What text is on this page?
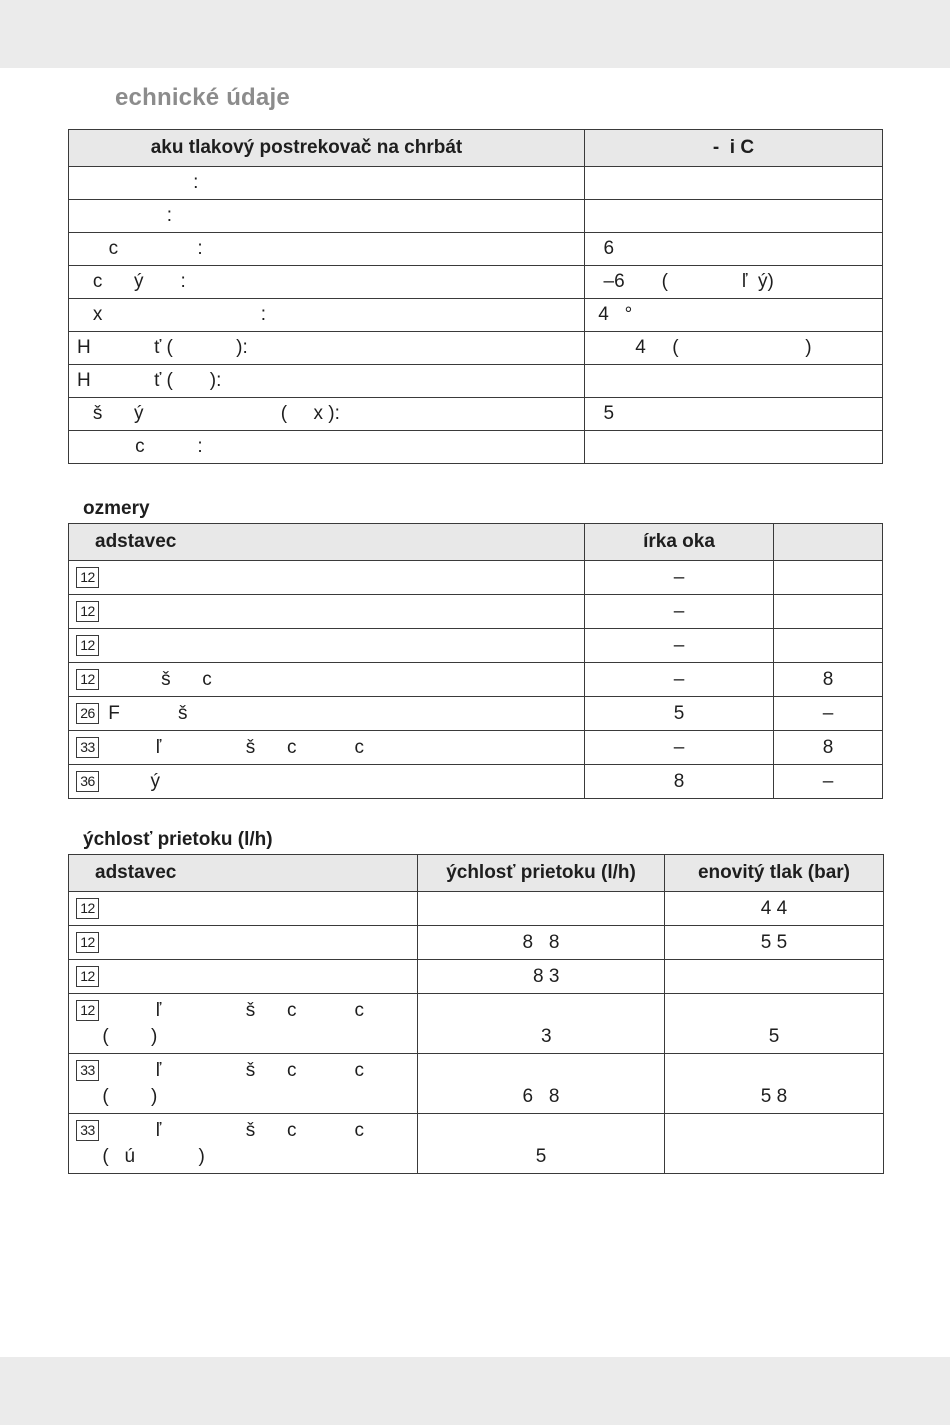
echnické údaje
aku tlakový postrekovač na chrbát	-  i C
:	
:	
c               :	6
c      ý       :	–6       (              ľ  ý)
x                              :	4   °
H            ť (            ):	4     (                        )
H            ť (       ):	
š      ý                          (     x ):	5
c          :	
ozmery
adstavec	írka oka	
12	–	
12	–	
12	–	
12           š      c	–	8
26 F           š	5	–
33          ľ                š      c           c	–	8
36         ý	8	–
ýchlosť prietoku (l/h)
adstavec	ýchlosť prietoku (l/h)	enovitý tlak (bar)
12		4 4
12	8   8	5 5
12	8 3	
12          ľ                š      c           c
(        )	3	5
33          ľ                š      c           c
(        )	6   8	5 8
33          ľ                š      c           c
(   ú            )	5	
